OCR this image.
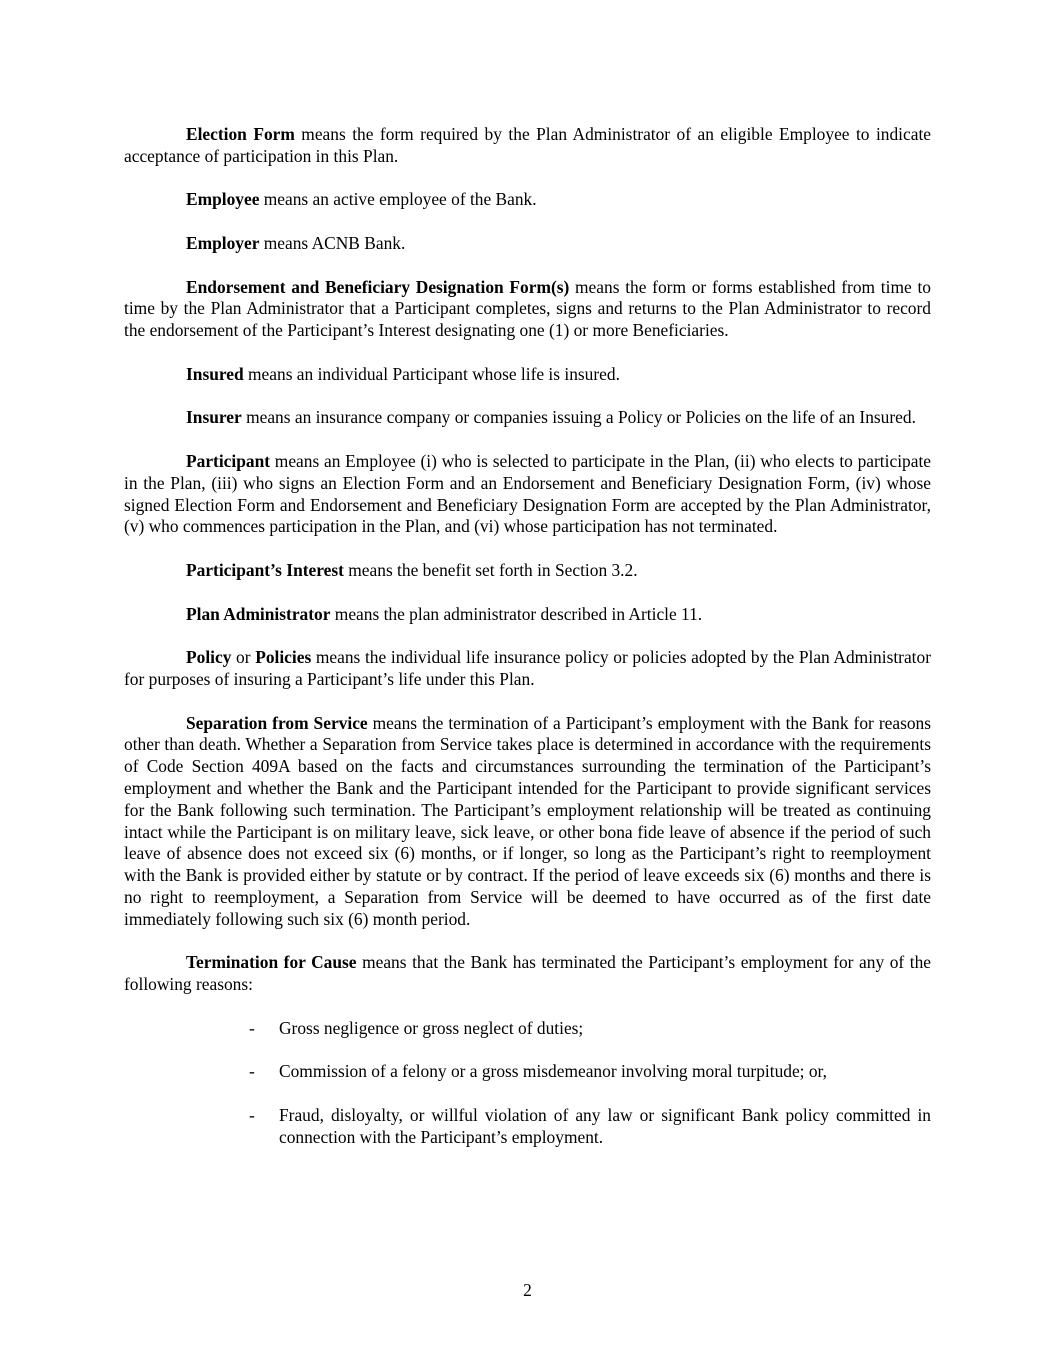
Election Form means the form required by the Plan Administrator of an eligible Employee to indicate acceptance of participation in this Plan.

Employee means an active employee of the Bank.

Employer means ACNB Bank.

Endorsement and Beneficiary Designation Form(s) means the form or forms established from time to time by the Plan Administrator that a Participant completes, signs and returns to the Plan Administrator to record the endorsement of the Participant’s Interest designating one (1) or more Beneficiaries.

Insured means an individual Participant whose life is insured.

Insurer means an insurance company or companies issuing a Policy or Policies on the life of an Insured.

Participant means an Employee (i) who is selected to participate in the Plan, (ii) who elects to participate in the Plan, (iii) who signs an Election Form and an Endorsement and Beneficiary Designation Form, (iv) whose signed Election Form and Endorsement and Beneficiary Designation Form are accepted by the Plan Administrator, (v) who commences participation in the Plan, and (vi) whose participation has not terminated.

Participant’s Interest means the benefit set forth in Section 3.2.

Plan Administrator means the plan administrator described in Article 11.

Policy or Policies means the individual life insurance policy or policies adopted by the Plan Administrator for purposes of insuring a Participant’s life under this Plan.

Separation from Service means the termination of a Participant’s employment with the Bank for reasons other than death. Whether a Separation from Service takes place is determined in accordance with the requirements of Code Section 409A based on the facts and circumstances surrounding the termination of the Participant’s employment and whether the Bank and the Participant intended for the Participant to provide significant services for the Bank following such termination. The Participant’s employment relationship will be treated as continuing intact while the Participant is on military leave, sick leave, or other bona fide leave of absence if the period of such leave of absence does not exceed six (6) months, or if longer, so long as the Participant’s right to reemployment with the Bank is provided either by statute or by contract. If the period of leave exceeds six (6) months and there is no right to reemployment, a Separation from Service will be deemed to have occurred as of the first date immediately following such six (6) month period.

Termination for Cause means that the Bank has terminated the Participant’s employment for any of the following reasons:

- Gross negligence or gross neglect of duties;
- Commission of a felony or a gross misdemeanor involving moral turpitude; or,
- Fraud, disloyalty, or willful violation of any law or significant Bank policy committed in connection with the Participant’s employment.
2
